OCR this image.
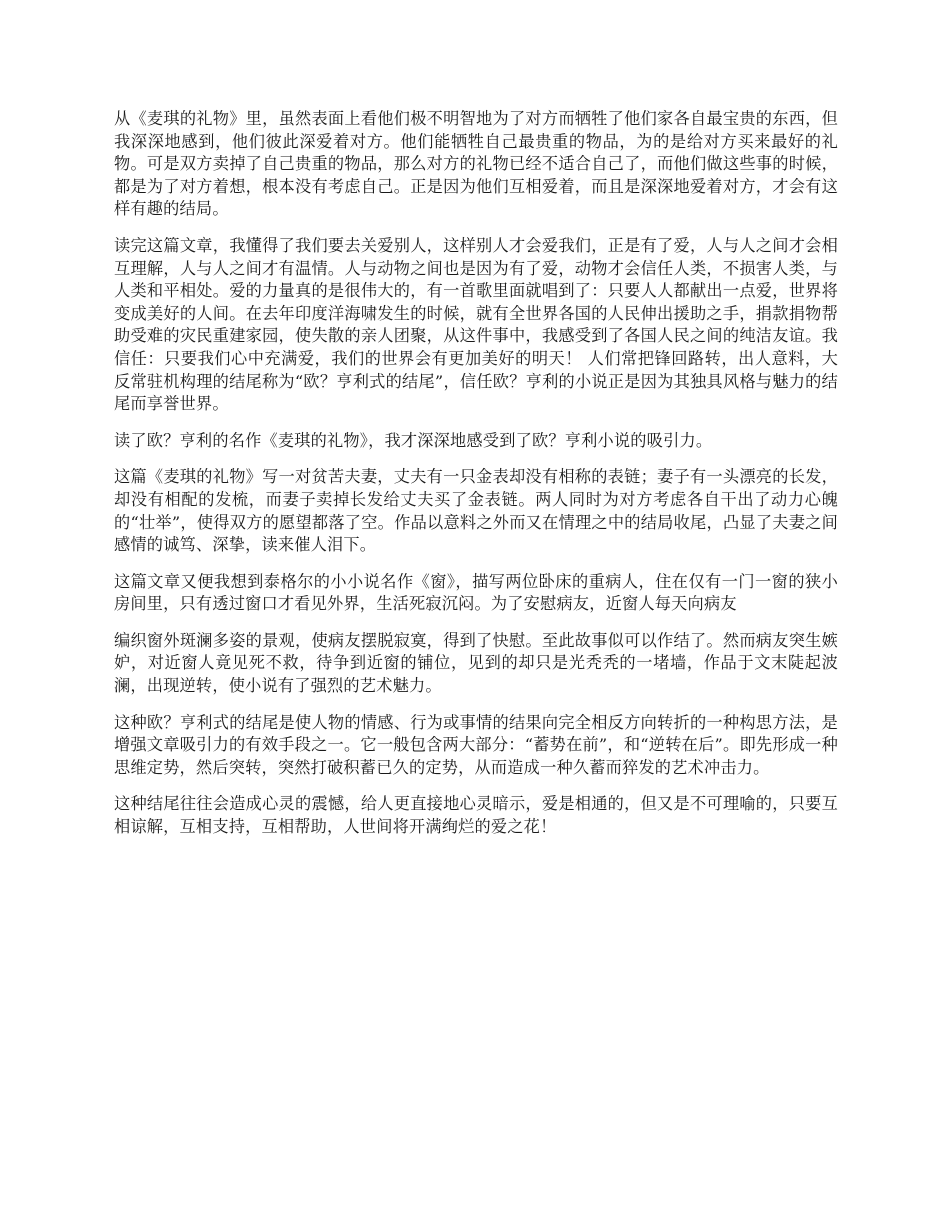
从《麦琪的礼物》里，虽然表面上看他们极不明智地为了对方而牺牲了他们家各自最宝贵的东西，但我深深地感到，他们彼此深爱着对方。他们能牺牲自己最贵重的物品，为的是给对方买来最好的礼物。可是双方卖掉了自己贵重的物品，那么对方的礼物已经不适合自己了，而他们做这些事的时候，都是为了对方着想，根本没有考虑自己。正是因为他们互相爱着，而且是深深地爱着对方，才会有这样有趣的结局。

读完这篇文章，我懂得了我们要去关爱别人，这样别人才会爱我们，正是有了爱，人与人之间才会相互理解，人与人之间才有温情。人与动物之间也是因为有了爱，动物才会信任人类，不损害人类，与人类和平相处。爱的力量真的是很伟大的，有一首歌里面就唱到了：只要人人都献出一点爱，世界将变成美好的人间。在去年印度洋海啸发生的时候，就有全世界各国的人民伸出援助之手，捐款捐物帮助受难的灾民重建家园，使失散的亲人团聚，从这件事中，我感受到了各国人民之间的纯洁友谊。我信任：只要我们心中充满爱，我们的世界会有更加美好的明天！ 人们常把锋回路转，出人意料，大反常驻机构理的结尾称为“欧？亨利式的结尾”，信任欧？亨利的小说正是因为其独具风格与魅力的结尾而享誉世界。

读了欧？亨利的名作《麦琪的礼物》，我才深深地感受到了欧？亨利小说的吸引力。

这篇《麦琪的礼物》写一对贫苦夫妻，丈夫有一只金表却没有相称的表链；妻子有一头漂亮的长发，却没有相配的发梳，而妻子卖掉长发给丈夫买了金表链。两人同时为对方考虑各自干出了动力心魄的“壮举”，使得双方的愿望都落了空。作品以意料之外而又在情理之中的结局收尾，凸显了夫妻之间感情的诚笃、深挚，读来催人泪下。

这篇文章又便我想到泰格尔的小小说名作《窗》，描写两位卧床的重病人，住在仅有一门一窗的狭小房间里，只有透过窗口才看见外界，生活死寂沉闷。为了安慰病友，近窗人每天向病友

编织窗外斑澜多姿的景观，使病友摆脱寂寞，得到了快慰。至此故事似可以作结了。然而病友突生嫉妒，对近窗人竟见死不救，待争到近窗的铺位，见到的却只是光秃秃的一堵墙，作品于文末陡起波澜，出现逆转，使小说有了强烈的艺术魅力。

这种欧？亨利式的结尾是使人物的情感、行为或事情的结果向完全相反方向转折的一种构思方法，是增强文章吸引力的有效手段之一。它一般包含两大部分：“蓄势在前”，和“逆转在后”。即先形成一种思维定势，然后突转，突然打破积蓄已久的定势，从而造成一种久蓄而猝发的艺术冲击力。

这种结尾往往会造成心灵的震憾，给人更直接地心灵暗示，爱是相通的，但又是不可理喻的，只要互相谅解，互相支持，互相帮助，人世间将开满绚烂的爱之花！
